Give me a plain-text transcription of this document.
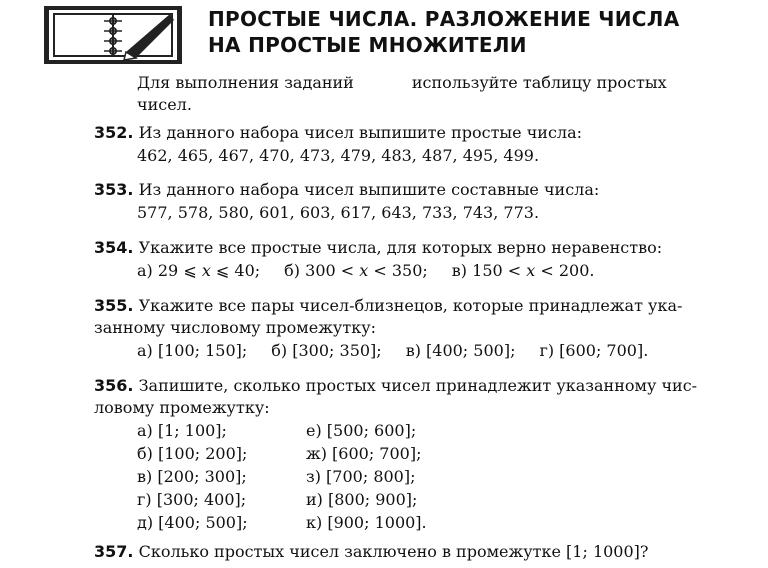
ПРОСТЫЕ ЧИСЛА. РАЗЛОЖЕНИЕ ЧИСЛА
НА ПРОСТЫЕ МНОЖИТЕЛИ
Для выполнения заданий	используйте таблицу простых
чисел.
352. Из данного набора чисел выпишите простые числа:
462, 465, 467, 470, 473, 479, 483, 487, 495, 499.
353. Из данного набора чисел выпишите составные числа:
577, 578, 580, 601, 603, 617, 643, 733, 743, 773.
354. Укажите все простые числа, для которых верно неравенство:
а) 29 ⩽ x ⩽ 40; б) 300 < x < 350; в) 150 < x < 200.
355. Укажите все пары чисел-близнецов, которые принадлежат ука-
занному числовому промежутку:
а) [100; 150]; б) [300; 350]; в) [400; 500]; г) [600; 700].
356. Запишите, сколько простых чисел принадлежит указанному чис-
ловому промежутку:
а) [1; 100];
б) [100; 200];
в) [200; 300];
г) [300; 400];
д) [400; 500];
е) [500; 600];
ж) [600; 700];
з) [700; 800];
и) [800; 900];
к) [900; 1000].
357. Сколько простых чисел заключено в промежутке [1; 1000]?
